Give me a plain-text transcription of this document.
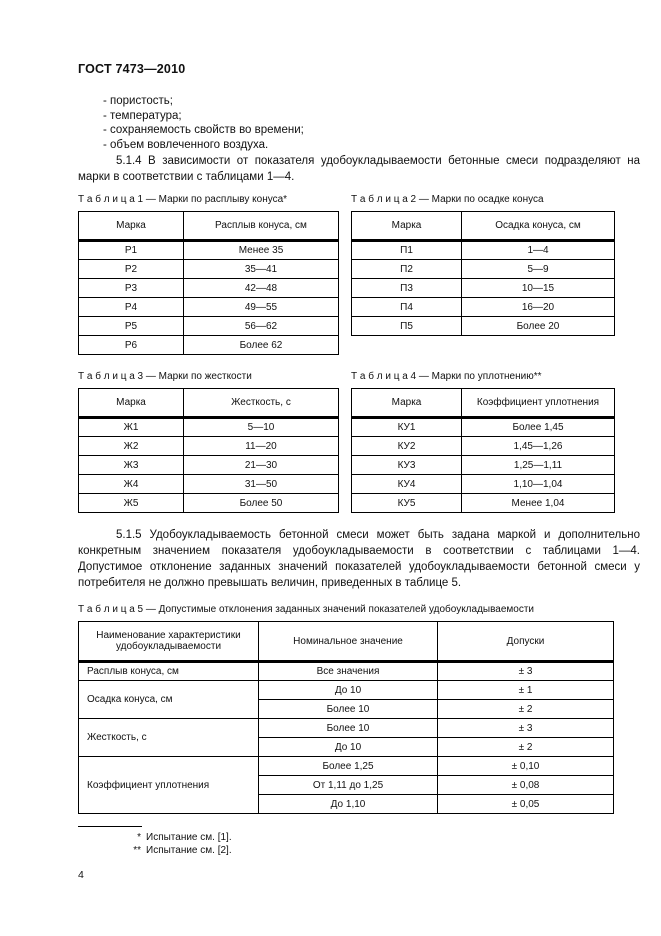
ГОСТ 7473—2010
- пористость;
- температура;
- сохраняемость свойств во времени;
- объем вовлеченного воздуха.

5.1.4 В зависимости от показателя удобоукладываемости бетонные смеси подразделяют на марки в соответствии с таблицами 1—4.

Т а б л и ц а 1 — Марки по расплыву конуса*
Марка	Расплыв конуса, см
Р1	Менее 35
Р2	35—41
Р3	42—48
Р4	49—55
Р5	56—62
Р6	Более 62
Т а б л и ц а 2 — Марки по осадке конуса
Марка	Осадка конуса, см
П1	1—4
П2	5—9
П3	10—15
П4	16—20
П5	Более 20
Т а б л и ц а 3 — Марки по жесткости
Марка	Жесткость, с
Ж1	5—10
Ж2	11—20
Ж3	21—30
Ж4	31—50
Ж5	Более 50
Т а б л и ц а 4 — Марки по уплотнению**
Марка	Коэффициент уплотнения
КУ1	Более 1,45
КУ2	1,45—1,26
КУ3	1,25—1,11
КУ4	1,10—1,04
КУ5	Менее 1,04

5.1.5 Удобоукладываемость бетонной смеси может быть задана маркой и дополнительно конкретным значением показателя удобоукладываемости в соответствии с таблицами 1—4. Допустимое отклонение заданных значений показателей удобоукладываемости бетонной смеси у потребителя не должно превышать величин, приведенных в таблице 5.

Т а б л и ц а 5 — Допустимые отклонения заданных значений показателей удобоукладываемости
Наименование характеристики удобоукладываемости	Номинальное значение	Допуски
Расплыв конуса, см	Все значения	± 3
Осадка конуса, см	До 10	± 1
	Более 10	± 2
Жесткость, с	Более 10	± 3
	До 10	± 2
Коэффициент уплотнения	Более 1,25	± 0,10
	От 1,11 до 1,25	± 0,08
	До 1,10	± 0,05
* Испытание см. [1].
** Испытание см. [2].
4
